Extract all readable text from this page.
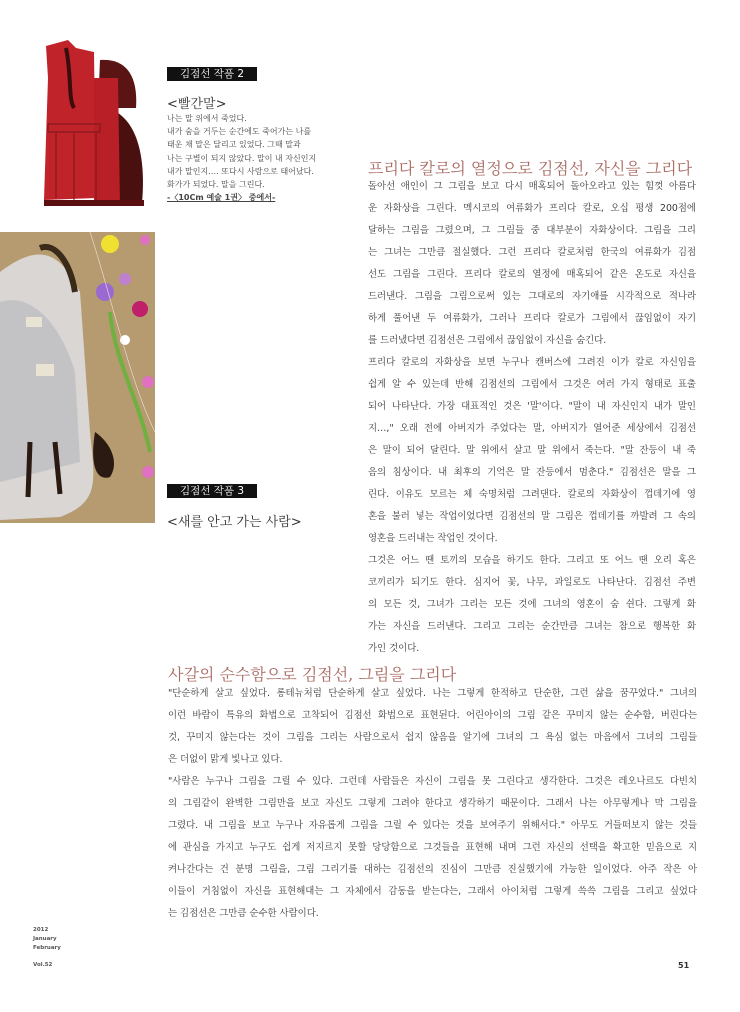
김점선 작품 2
<빨간말>
나는 말 위에서 죽었다.
내가 숨을 거두는 순간에도 죽어가는 나를
태운 채 말은 달리고 있었다. 그때 말과
나는 구별이 되지 않았다. 말이 내 자신인지
내가 말인지…. 또다시 사람으로 태어났다.
화가가 되었다. 말을 그린다.
-〈10Cm 예술 1권〉 중에서-
김점선 작품 3
<새를 안고 가는 사람>
프리다 칼로의 열정으로 김점선, 자신을 그리다
돌아선 애인이 그 그림을 보고 다시 매혹되어 돌아오라고 있는 힘껏 아름다
운 자화상을 그린다. 멕시코의 여류화가 프리다 칼로, 오십 평생 200점에
달하는 그림을 그렸으며, 그 그림들 중 대부분이 자화상이다. 그림을 그리
는 그녀는 그만큼 절실했다. 그런 프리다 칼로처럼 한국의 여류화가 김점
선도 그림을 그린다. 프리다 칼로의 열정에 매혹되어 같은 온도로 자신을
드러낸다. 그림을 그림으로써 있는 그대로의 자기애를 시각적으로 적나라
하게 풀어낸 두 여류화가, 그러나 프리다 칼로가 그림에서 끊임없이 자기
를 드러냈다면 김점선은 그림에서 끊임없이 자신을 숨긴다.
프리다 칼로의 자화상을 보면 누구나 캔버스에 그려진 이가 칼로 자신임을
쉽게 알 수 있는데 반해 김점선의 그림에서 그것은 여러 가지 형태로 표출
되어 나타난다. 가장 대표적인 것은 '말'이다. "말이 내 자신인지 내가 말인
지…," 오래 전에 아버지가 주었다는 말, 아버지가 열어준 세상에서 김점선
은 말이 되어 달린다. 말 위에서 살고 말 위에서 죽는다. "말 잔등이 내 죽
음의 침상이다. 내 최후의 기억은 말 잔등에서 멈춘다." 김점선은 말을 그
린다. 이유도 모르는 체 숙명처럼 그려댄다. 칼로의 자화상이 껍데기에 영
혼을 불러 넣는 작업이었다면 김점선의 말 그림은 껍데기를 까발려 그 속의
영혼을 드러내는 작업인 것이다.
그것은 어느 땐 토끼의 모습을 하기도 한다. 그리고 또 어느 땐 오리 혹은
코끼리가 되기도 한다. 심지어 꽃, 나무, 과일로도 나타난다. 김점선 주변
의 모든 것, 그녀가 그리는 모든 것에 그녀의 영혼이 숨 쉰다. 그렇게 화
가는 자신을 드러낸다. 그리고 그리는 순간만큼 그녀는 참으로 행복한 화
가인 것이다.
사갈의 순수함으로 김점선, 그림을 그리다
"단순하게 살고 싶었다. 롱테뉴처럼 단순하게 살고 싶었다. 나는 그렇게 한적하고 단순한, 그런 삶을 꿈꾸었다." 그녀의
이런 바람이 특유의 화법으로 고착되어 김점선 화법으로 표현된다. 어린아이의 그림 같은 꾸미지 않는 순수함, 버린다는
것, 꾸미지 않는다는 것이 그림을 그리는 사람으로서 쉽지 않음을 알기에 그녀의 그 욕심 없는 마음에서 그녀의 그림들
은 더없이 맑게 빛나고 있다.
"사람은 누구나 그림을 그릴 수 있다. 그런데 사람들은 자신이 그림을 못 그린다고 생각한다. 그것은 레오나르도 다빈치
의 그림같이 완벽한 그림만을 보고 자신도 그렇게 그려야 한다고 생각하기 때문이다. 그래서 나는 아무렇게나 막 그림을
그렸다. 내 그림을 보고 누구나 자유롭게 그림을 그릴 수 있다는 것을 보여주기 위해서다." 아무도 거들떠보지 않는 것들
에 관심을 가지고 누구도 쉽게 저지르지 못할 당당함으로 그것들을 표현해 내며 그런 자신의 선택을 확고한 믿음으로 지
켜나간다는 건 분명 그림을, 그림 그리기를 대하는 김점선의 진심이 그만큼 진실했기에 가능한 일이었다. 아주 작은 아
이들이 거침없이 자신을 표현해대는 그 자체에서 감동을 받는다는, 그래서 아이처럼 그렇게 쓱쓱 그림을 그리고 싶었다
는 김점선은 그만큼 순수한 사람이다.
2012
January
February
Vol.52	51
